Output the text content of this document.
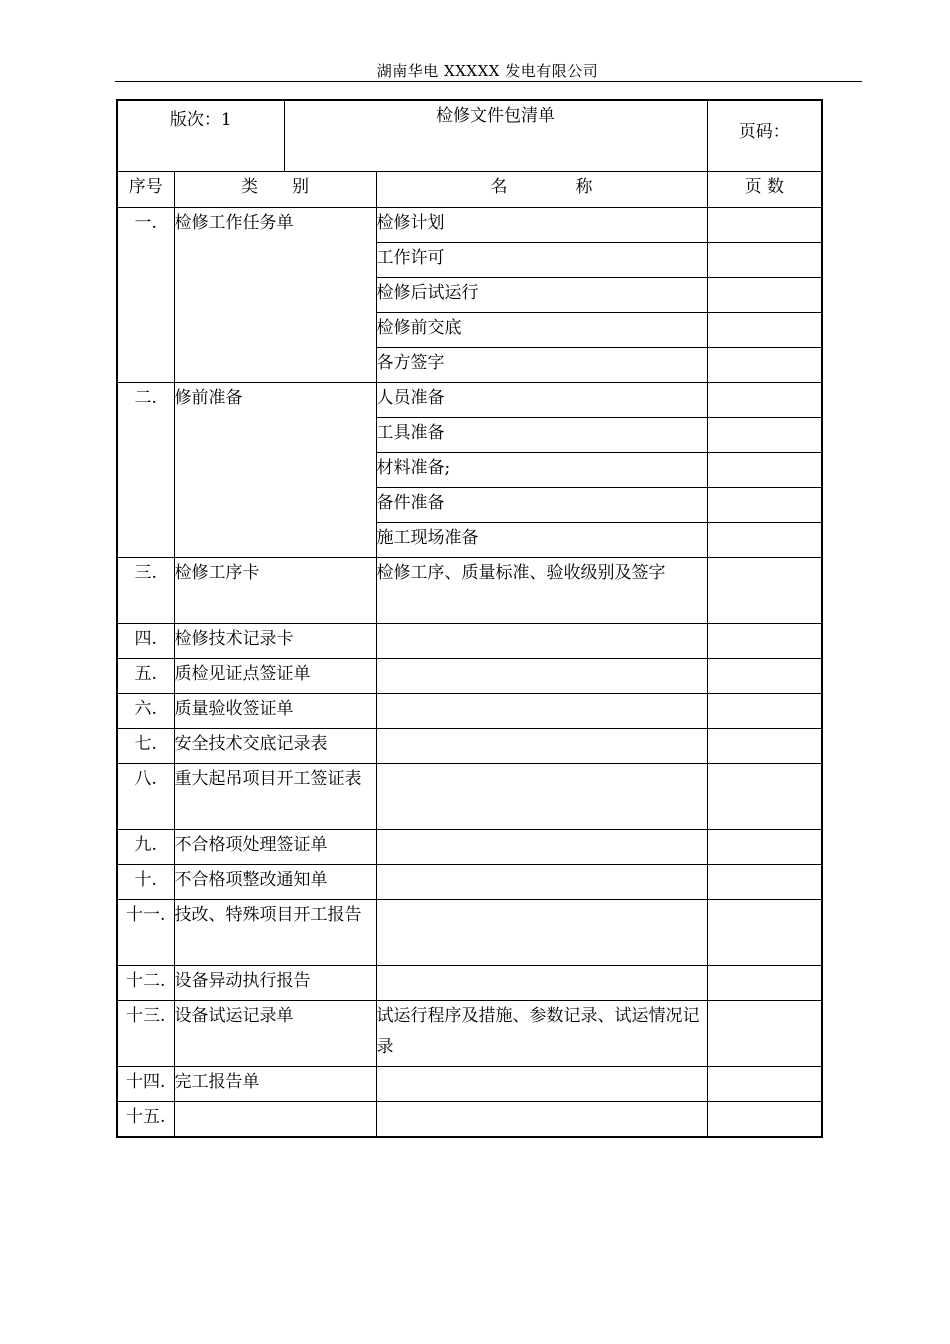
湖南华电 XXXXX 发电有限公司
版次：1		检修文件包清单		页码：
序号	类　　别		名　　　　称	页 数
一.	检修工作任务单		检修计划	
			工作许可	
			检修后试运行	
			检修前交底	
			各方签字	
二.	修前准备		人员准备	
			工具准备	
			材料准备;	
			备件准备	
			施工现场准备	
三.	检修工序卡		检修工序、质量标准、验收级别及签字	
四.	检修技术记录卡			
五.	质检见证点签证单			
六.	质量验收签证单			
七.	安全技术交底记录表			
八.	重大起吊项目开工签证表			
九.	不合格项处理签证单			
十.	不合格项整改通知单			
十一.	技改、特殊项目开工报告			
十二.	设备异动执行报告			
十三.	设备试运记录单		试运行程序及措施、参数记录、试运情况记录	
十四.	完工报告单			
十五.				
